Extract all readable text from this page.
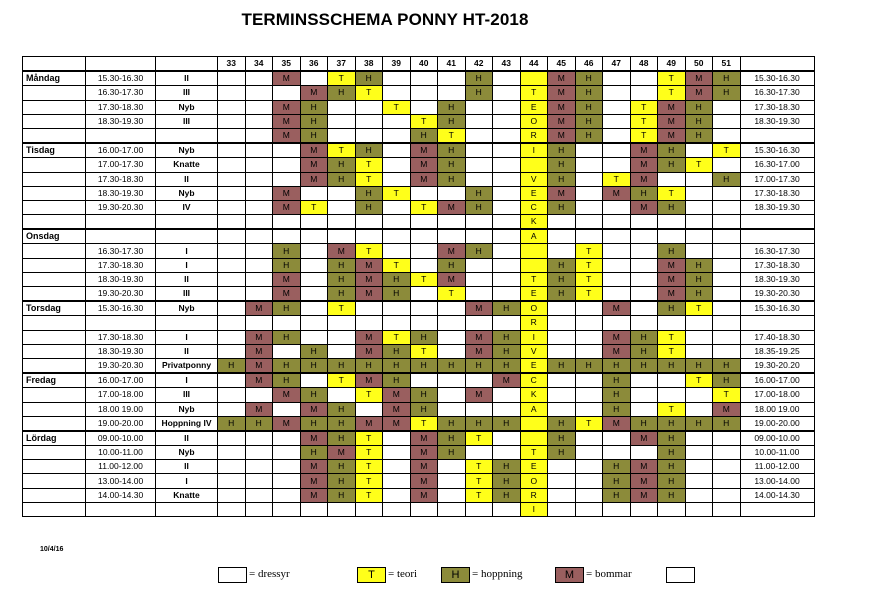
TERMINSSCHEMA PONNY HT-2018
			33	34	35	36	37	38	39	40	41	42	43	44	45	46	47	48	49	50	51	
Måndag	15.30-16.30	II			M		T	H				H			M	H			T	M	H	15.30-16.30
	16.30-17.30	III				M	H	T				H		T	M	H			T	M	H	16.30-17.30
	17.30-18.30	Nyb			M	H			T		H			E	M	H		T	M	H		17.30-18.30
	18.30-19.30	III			M	H				T	H			O	M	H		T	M	H		18.30-19.30
					M	H				H	T			R	M	H		T	M	H		
Tisdag	16.00-17.00	Nyb				M	T	H		M	H			I	H			M	H		T	15.30-16.30
	17.00-17.30	Knatte				M	H	T		M	H				H			M	H	T		16.30-17.00
	17.30-18.30	II				M	H	T		M	H			V	H		T	M			H	17.00-17.30
	18.30-19.30	Nyb			M			H	T			H		E	M		M	H	T			17.30-18.30
	19.30-20.30	IV			M	T		H		T	M	H		C	H			M	H			18.30-19.30
														K								
Onsdag														A								
	16.30-17.30	I			H		M	T			M	H				T			H			16.30-17.30
	17.30-18.30	I			H		H	M	T		H				H	T			M	H		17.30-18.30
	18.30-19.30	II			M		H	M	H	T	M			T	H	T			M	H		18.30-19.30
	19.30-20.30	III			M		H	M	H		T			E	H	T			M	H		19.30-20.30
Torsdag	15.30-16.30	Nyb		M	H		T					M	H	O			M		H	T		15.30-16.30
														R								
	17.30-18.30	I		M	H			M	T	H		M	H	I			M	H	T			17.40-18.30
	18.30-19.30	II		M		H		M	H	T		M	H	V			M	H	T			18.35-19.25
	19.30-20.30	Privatponny	H	M	H	H	H	H	H	H	H	H	H	E	H	H	H	H	H	H	H	19.30-20.20
Fredag	16.00-17.00	I		M	H		T	M	H				M	C			H			T	H	16.00-17.00
	17.00-18.00	III			M	H		T	M	H		M		K			H				T	17.00-18.00
	18.00 19.00	Nyb		M		M	H		M	H				A			H		T		M	18.00 19.00
	19.00-20.00	Hoppning IV	H	H	M	H	H	M	M	T	H	H	H		H	T	M	H	H	H	H	19.00-20.00
Lördag	09.00-10.00	II				M	H	T		M	H	T			H			M	H			09.00-10.00
	10.00-11.00	Nyb				H	M	T		M	H			T	H				H			10.00-11.00
	11.00-12.00	II				M	H	T		M		T	H	E			H	M	H			11.00-12.00
	13.00-14.00	I				M	H	T		M		T	H	O			H	M	H			13.00-14.00
	14.00-14.30	Knatte				M	H	T		M		T	H	R			H	M	H			14.00-14.30
														I								
10/4/16
= dressyr	T	= teori	H	= hoppning	M	= bommar
